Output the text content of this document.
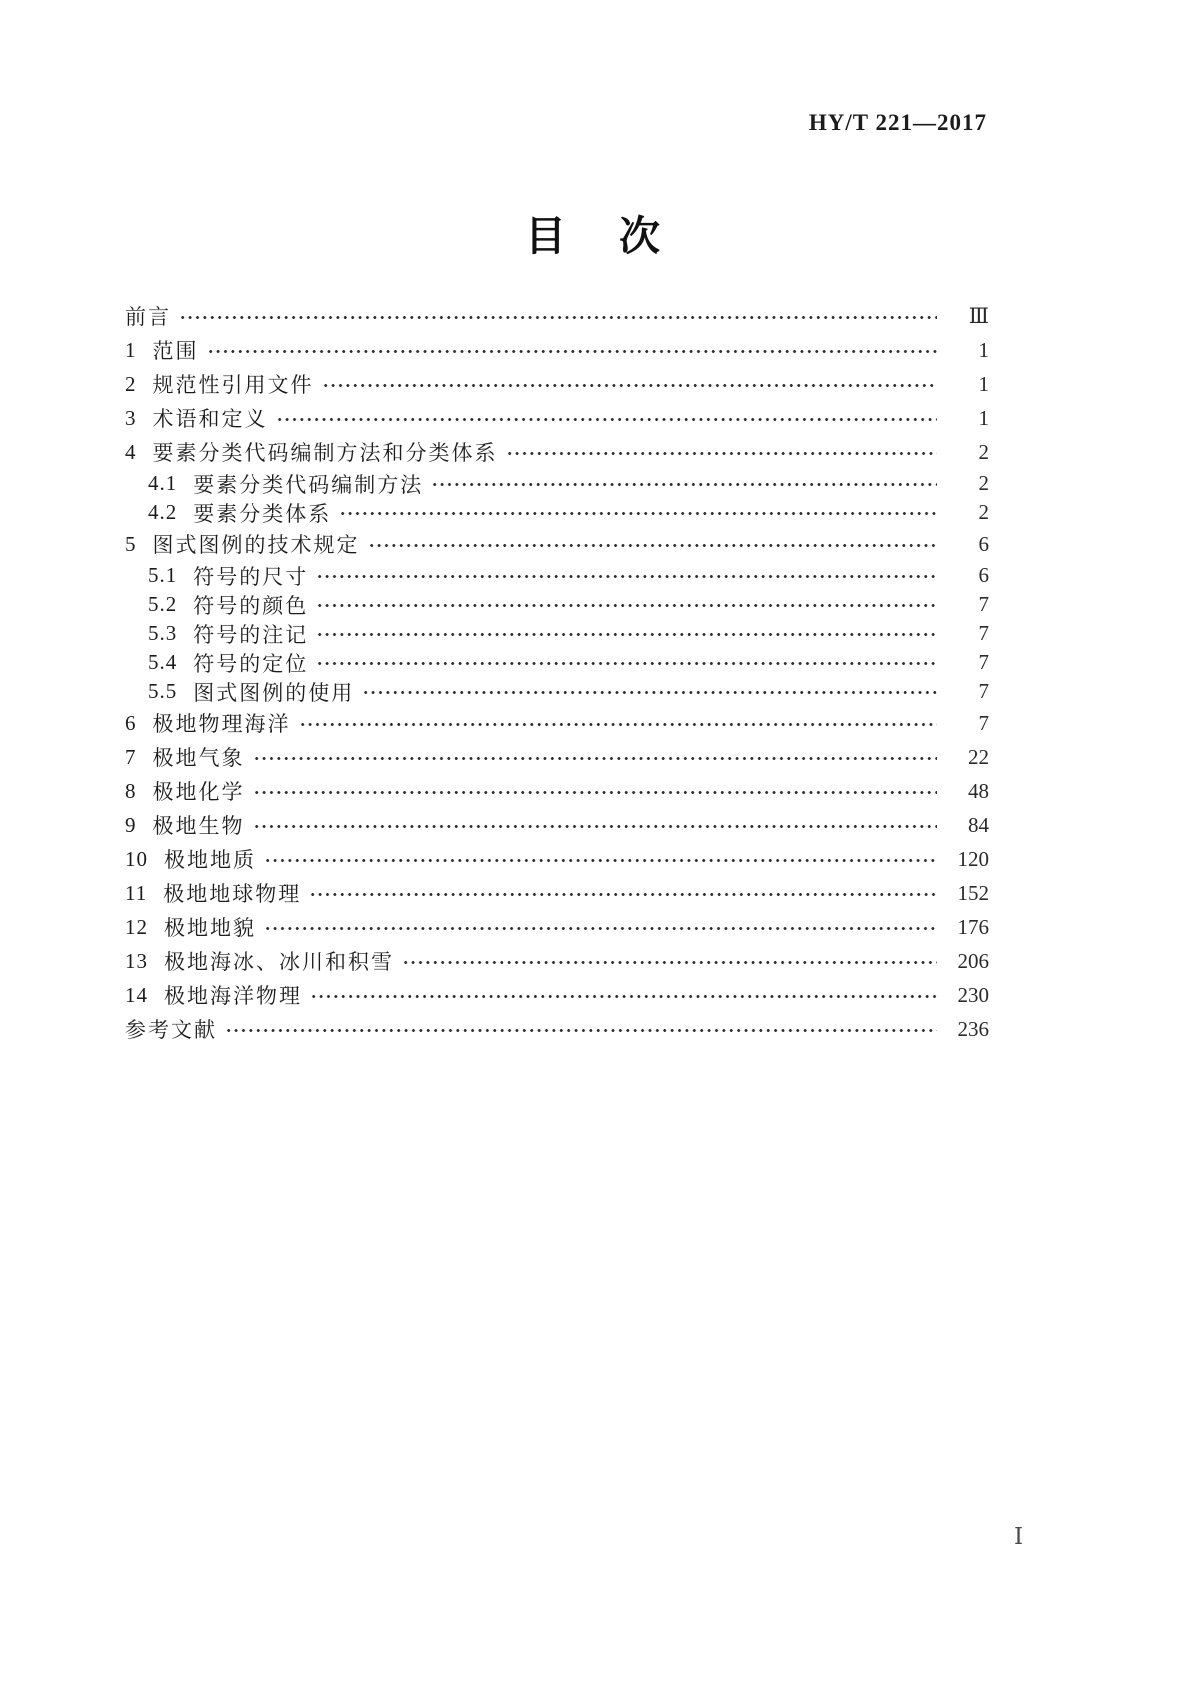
HY/T 221—2017
目　次
前言	Ⅲ
1 范围	1
2 规范性引用文件	1
3 术语和定义	1
4 要素分类代码编制方法和分类体系	2
4.1 要素分类代码编制方法	2
4.2 要素分类体系	2
5 图式图例的技术规定	6
5.1 符号的尺寸	6
5.2 符号的颜色	7
5.3 符号的注记	7
5.4 符号的定位	7
5.5 图式图例的使用	7
6 极地物理海洋	7
7 极地气象	22
8 极地化学	48
9 极地生物	84
10 极地地质	120
11 极地地球物理	152
12 极地地貌	176
13 极地海冰、冰川和积雪	206
14 极地海洋物理	230
参考文献	236
Ⅰ
